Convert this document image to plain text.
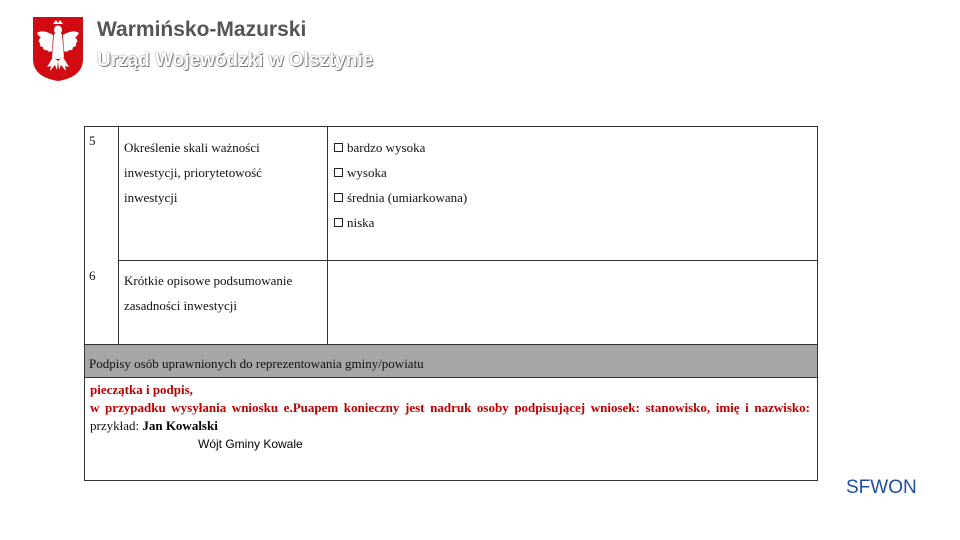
Warmińsko-Mazurski
Urząd Wojewódzki w Olsztynie
5 Określenie skali ważności
inwestycji, priorytetowość
inwestycji
bardzo wysoka
wysoka
średnia (umiarkowana)
niska
6 Krótkie opisowe podsumowanie
zasadności inwestycji
Podpisy osób uprawnionych do reprezentowania gminy/powiatu
pieczątka i podpis,
w przypadku wysyłania wniosku e.Puapem konieczny jest nadruk osoby podpisującej wniosek: stanowisko, imię i nazwisko: przykład: Jan Kowalski
Wójt Gminy Kowale
SFWON
